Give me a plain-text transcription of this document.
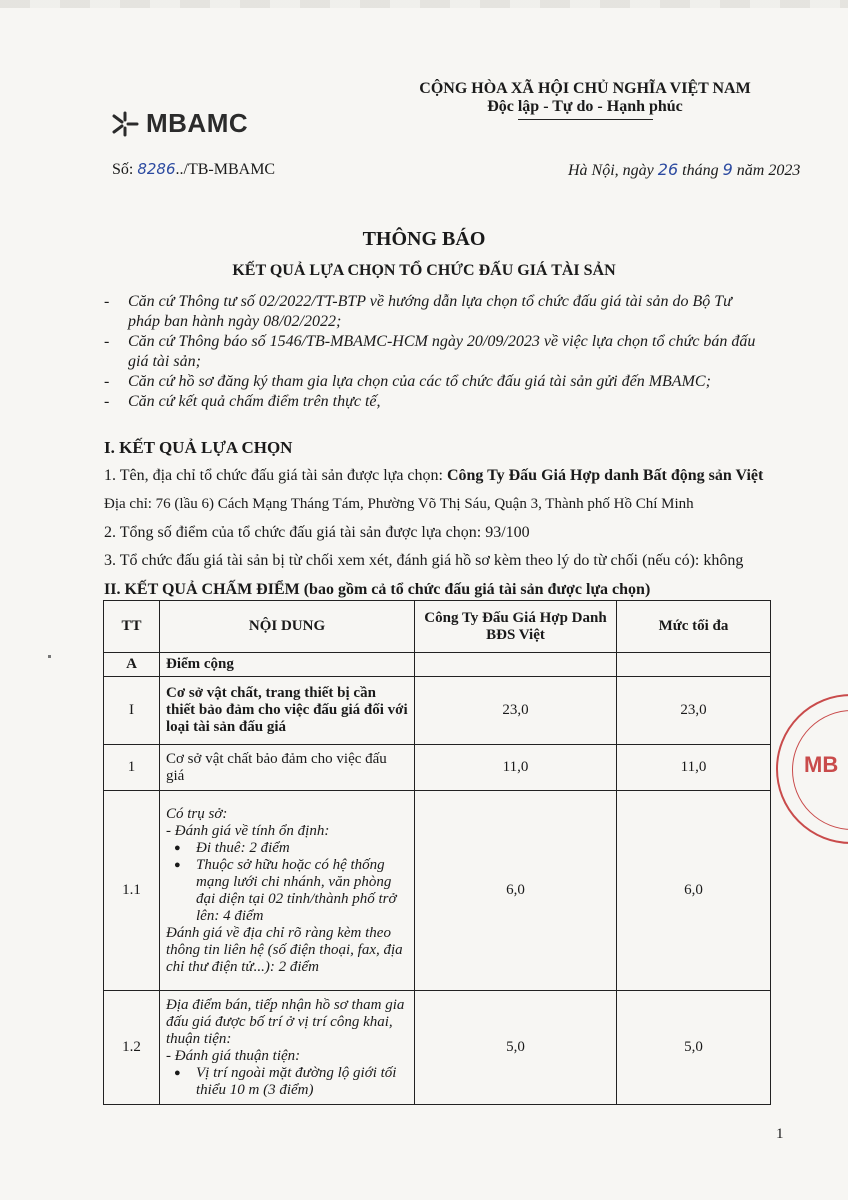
MBAMC
CỘNG HÒA XÃ HỘI CHỦ NGHĨA VIỆT NAM
Độc lập - Tự do - Hạnh phúc
Số: 8286../TB-MBAMC	Hà Nội, ngày 26 tháng 9 năm 2023
THÔNG BÁO
KẾT QUẢ LỰA CHỌN TỔ CHỨC ĐẤU GIÁ TÀI SẢN
- Căn cứ Thông tư số 02/2022/TT-BTP về hướng dẫn lựa chọn tổ chức đấu giá tài sản do Bộ Tư pháp ban hành ngày 08/02/2022;
- Căn cứ Thông báo số 1546/TB-MBAMC-HCM ngày 20/09/2023 về việc lựa chọn tổ chức bán đấu giá tài sản;
- Căn cứ hồ sơ đăng ký tham gia lựa chọn của các tổ chức đấu giá tài sản gửi đến MBAMC;
- Căn cứ kết quả chấm điểm trên thực tế,
I. KẾT QUẢ LỰA CHỌN
1. Tên, địa chỉ tổ chức đấu giá tài sản được lựa chọn: Công Ty Đấu Giá Hợp danh Bất động sản Việt
Địa chỉ: 76 (lầu 6) Cách Mạng Tháng Tám, Phường Võ Thị Sáu, Quận 3, Thành phố Hồ Chí Minh
2. Tổng số điểm của tổ chức đấu giá tài sản được lựa chọn: 93/100
3. Tổ chức đấu giá tài sản bị từ chối xem xét, đánh giá hồ sơ kèm theo lý do từ chối (nếu có): không
II. KẾT QUẢ CHẤM ĐIỂM (bao gồm cả tổ chức đấu giá tài sản được lựa chọn)
TT	NỘI DUNG	Công Ty Đấu Giá Hợp Danh BĐS Việt	Mức tối đa
A	Điểm cộng		
I	Cơ sở vật chất, trang thiết bị cần thiết bảo đảm cho việc đấu giá đối với loại tài sản đấu giá	23,0	23,0
1	Cơ sở vật chất bảo đảm cho việc đấu giá	11,0	11,0
1.1	Có trụ sở:
- Đánh giá về tính ổn định:
● Đi thuê: 2 điểm
● Thuộc sở hữu hoặc có hệ thống mạng lưới chi nhánh, văn phòng đại diện tại 02 tỉnh/thành phố trở lên: 4 điểm
Đánh giá về địa chỉ rõ ràng kèm theo thông tin liên hệ (số điện thoại, fax, địa chỉ thư điện tử...): 2 điểm	6,0	6,0
1.2	Địa điểm bán, tiếp nhận hồ sơ tham gia đấu giá được bố trí ở vị trí công khai, thuận tiện:
- Đánh giá thuận tiện:
● Vị trí ngoài mặt đường lộ giới tối thiểu 10 m (3 điểm)	5,0	5,0
MB
1
